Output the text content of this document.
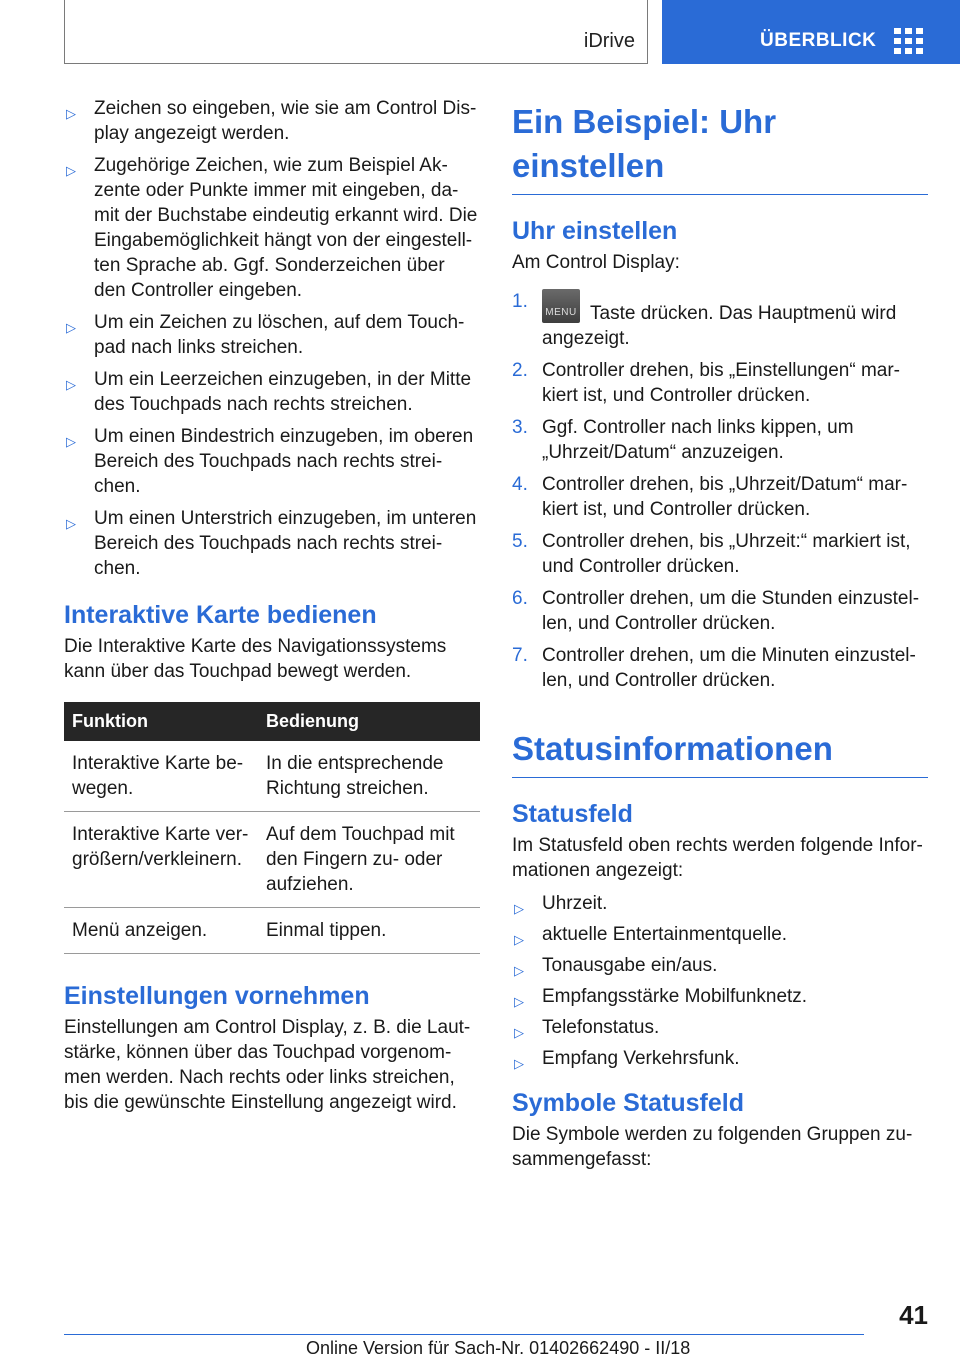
iDrive	ÜBERBLICK
▷ Zeichen so eingeben, wie sie am Control Dis-play angezeigt werden.
▷ Zugehörige Zeichen, wie zum Beispiel Ak-zente oder Punkte immer mit eingeben, da-mit der Buchstabe eindeutig erkannt wird. Die Eingabemöglichkeit hängt von der eingestell-ten Sprache ab. Ggf. Sonderzeichen über den Controller eingeben.
▷ Um ein Zeichen zu löschen, auf dem Touch-pad nach links streichen.
▷ Um ein Leerzeichen einzugeben, in der Mitte des Touchpads nach rechts streichen.
▷ Um einen Bindestrich einzugeben, im oberen Bereich des Touchpads nach rechts strei-chen.
▷ Um einen Unterstrich einzugeben, im unteren Bereich des Touchpads nach rechts strei-chen.
Interaktive Karte bedienen

Die Interaktive Karte des Navigationssystems kann über das Touchpad bewegt werden.

Funktion	Bedienung
Interaktive Karte be-wegen.	In die entsprechende Richtung streichen.
Interaktive Karte ver-größern/verkleinern.	Auf dem Touchpad mit den Fingern zu- oder aufziehen.
Menü anzeigen.	Einmal tippen.
Einstellungen vornehmen

Einstellungen am Control Display, z. B. die Laut-stärke, können über das Touchpad vorgenom-men werden. Nach rechts oder links streichen, bis die gewünschte Einstellung angezeigt wird.

Ein Beispiel: Uhr einstellen
Uhr einstellen

Am Control Display:

1.
MENU Taste drücken. Das Hauptmenü wird angezeigt.
2. Controller drehen, bis „Einstellungen“ mar-kiert ist, und Controller drücken.
3. Ggf. Controller nach links kippen, um „Uhrzeit/Datum“ anzuzeigen.
4. Controller drehen, bis „Uhrzeit/Datum“ mar-kiert ist, und Controller drücken.
5. Controller drehen, bis „Uhrzeit:“ markiert ist, und Controller drücken.
6. Controller drehen, um die Stunden einzustel-len, und Controller drücken.
7. Controller drehen, um die Minuten einzustel-len, und Controller drücken.
Statusinformationen
Statusfeld

Im Statusfeld oben rechts werden folgende Infor-mationen angezeigt:

▷ Uhrzeit.
▷ aktuelle Entertainmentquelle.
▷ Tonausgabe ein/aus.
▷ Empfangsstärke Mobilfunknetz.
▷ Telefonstatus.
▷ Empfang Verkehrsfunk.
Symbole Statusfeld

Die Symbole werden zu folgenden Gruppen zu-sammengefasst:

41
Online Version für Sach-Nr. 01402662490 - II/18
